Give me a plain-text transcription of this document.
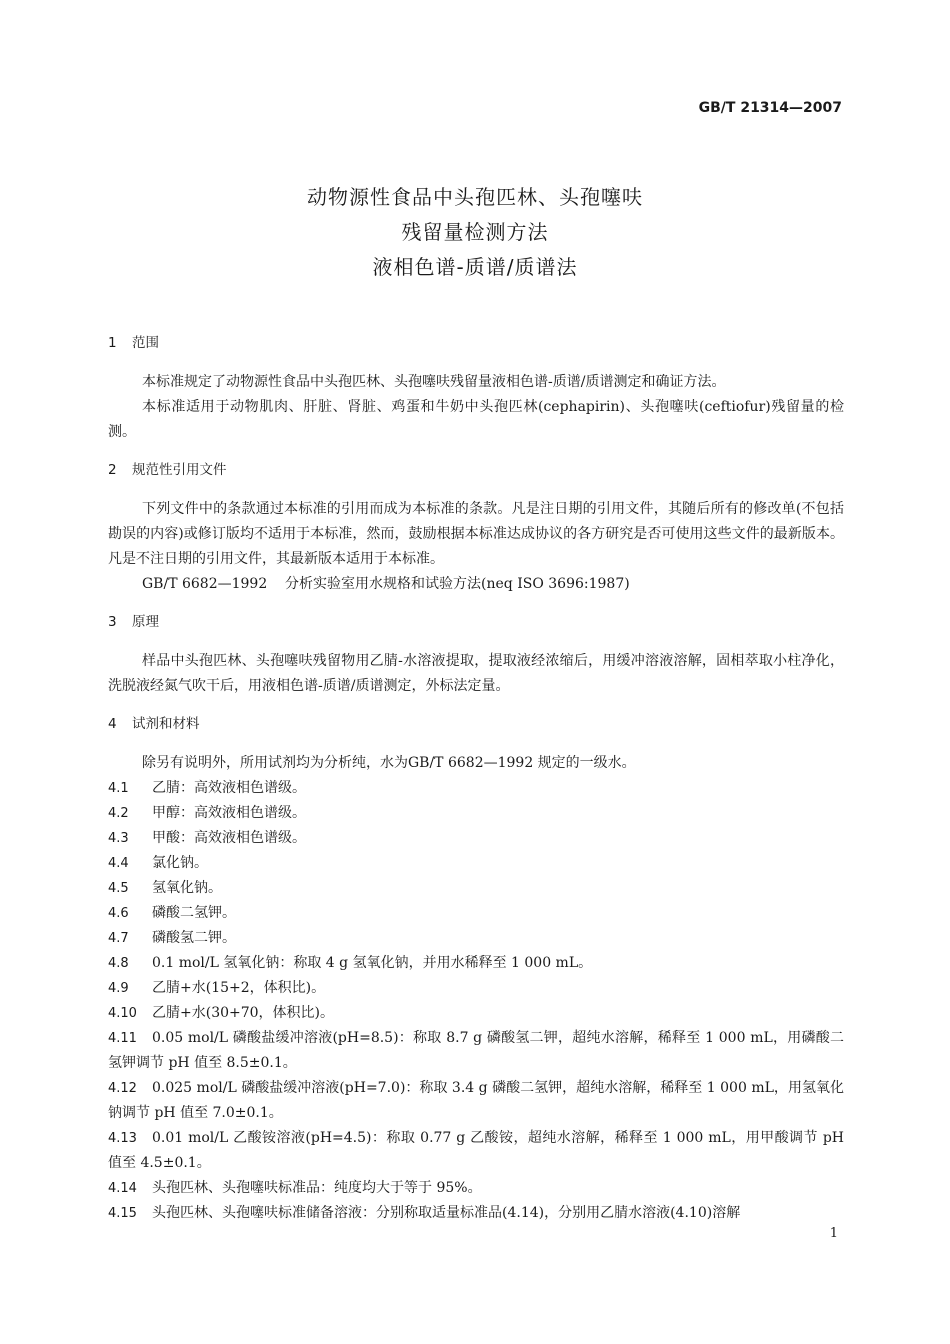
GB/T 21314—2007
动物源性食品中头孢匹林、头孢噻呋
残留量检测方法
液相色谱-质谱/质谱法
1 范围

本标准规定了动物源性食品中头孢匹林、头孢噻呋残留量液相色谱-质谱/质谱测定和确证方法。

本标准适用于动物肌肉、肝脏、肾脏、鸡蛋和牛奶中头孢匹林(cephapirin)、头孢噻呋(ceftiofur)残留量的检测。

2 规范性引用文件

下列文件中的条款通过本标准的引用而成为本标准的条款。凡是注日期的引用文件，其随后所有的修改单(不包括勘误的内容)或修订版均不适用于本标准，然而，鼓励根据本标准达成协议的各方研究是否可使用这些文件的最新版本。凡是不注日期的引用文件，其最新版本适用于本标准。

GB/T 6682—1992 分析实验室用水规格和试验方法(neq ISO 3696:1987)

3 原理

样品中头孢匹林、头孢噻呋残留物用乙腈-水溶液提取，提取液经浓缩后，用缓冲溶液溶解，固相萃取小柱净化，洗脱液经氮气吹干后，用液相色谱-质谱/质谱测定，外标法定量。

4 试剂和材料

除另有说明外，所用试剂均为分析纯，水为GB/T 6682—1992 规定的一级水。

4.1 乙腈：高效液相色谱级。

4.2 甲醇：高效液相色谱级。

4.3 甲酸：高效液相色谱级。

4.4 氯化钠。

4.5 氢氧化钠。

4.6 磷酸二氢钾。

4.7 磷酸氢二钾。

4.8 0.1 mol/L 氢氧化钠：称取 4 g 氢氧化钠，并用水稀释至 1 000 mL。

4.9 乙腈+水(15+2，体积比)。

4.10 乙腈+水(30+70，体积比)。

4.11 0.05 mol/L 磷酸盐缓冲溶液(pH=8.5)：称取 8.7 g 磷酸氢二钾，超纯水溶解，稀释至 1 000 mL，用磷酸二氢钾调节 pH 值至 8.5±0.1。

4.12 0.025 mol/L 磷酸盐缓冲溶液(pH=7.0)：称取 3.4 g 磷酸二氢钾，超纯水溶解，稀释至 1 000 mL，用氢氧化钠调节 pH 值至 7.0±0.1。

4.13 0.01 mol/L 乙酸铵溶液(pH=4.5)：称取 0.77 g 乙酸铵，超纯水溶解，稀释至 1 000 mL，用甲酸调节 pH 值至 4.5±0.1。

4.14 头孢匹林、头孢噻呋标准品：纯度均大于等于 95%。

4.15 头孢匹林、头孢噻呋标准储备溶液：分别称取适量标准品(4.14)，分别用乙腈水溶液(4.10)溶解

1
